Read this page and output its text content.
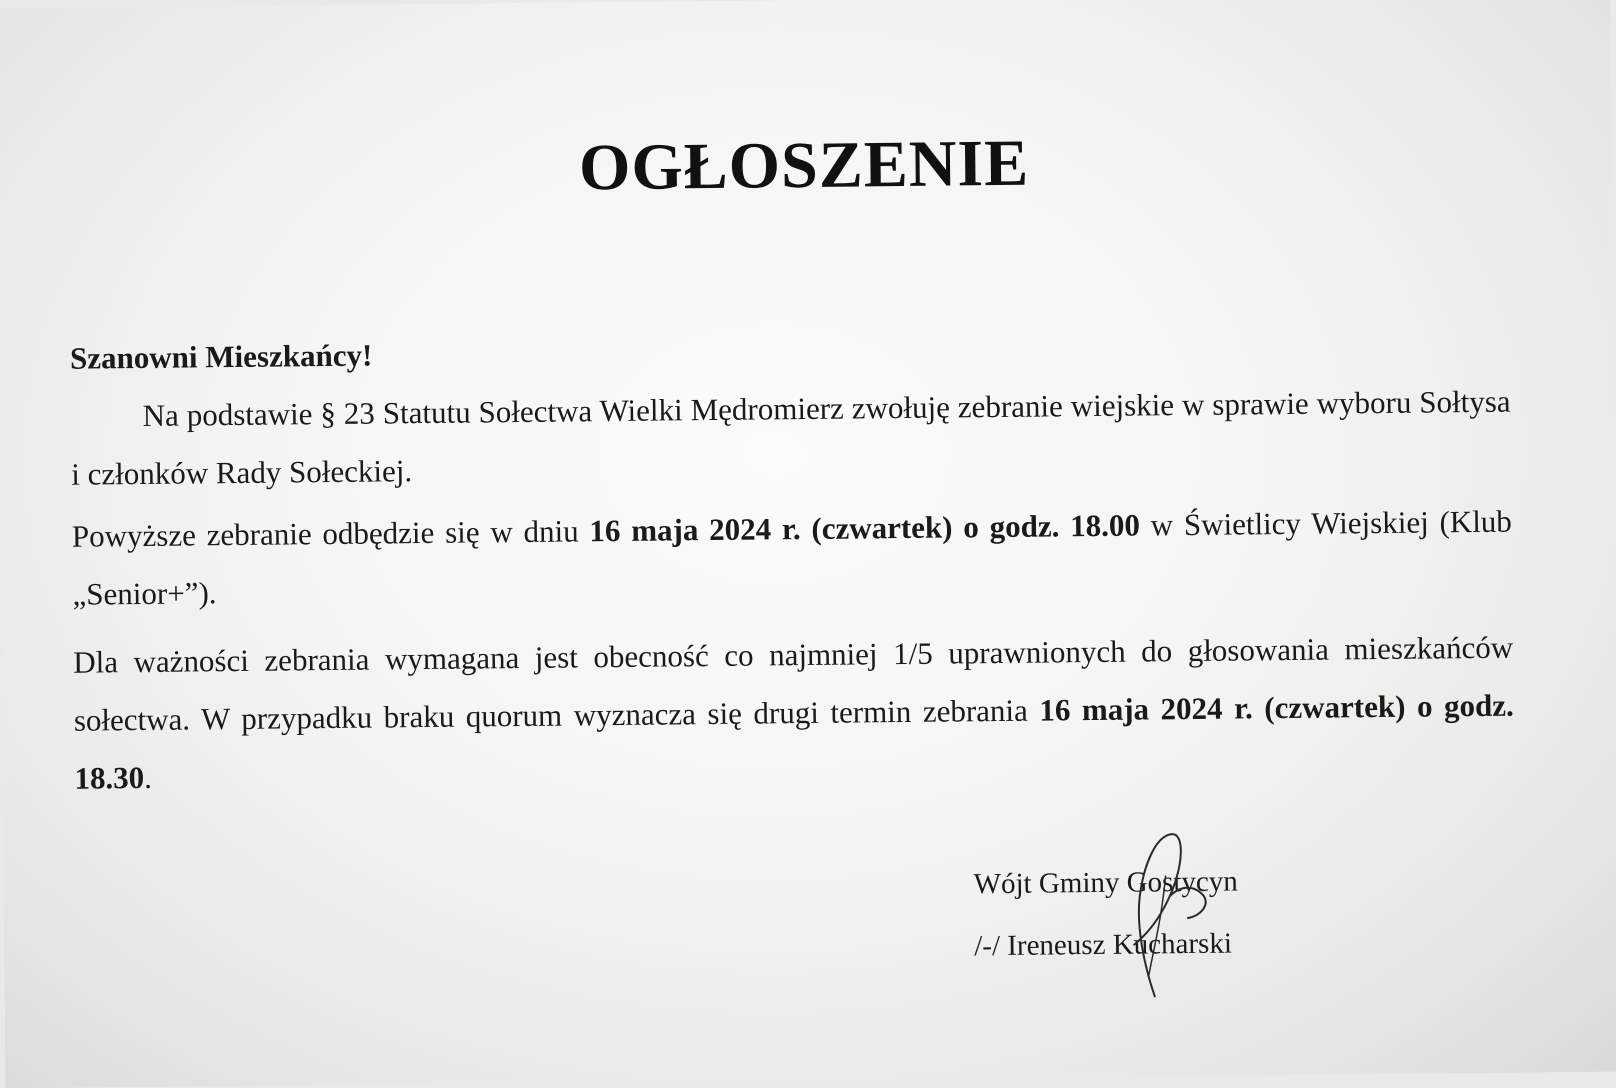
OGŁOSZENIE
Szanowni Mieszkańcy!
Na podstawie § 23 Statutu Sołectwa Wielki Mędromierz zwołuję zebranie wiejskie w sprawie wyboru Sołtysa i członków Rady Sołeckiej.
Powyższe zebranie odbędzie się w dniu 16 maja 2024 r. (czwartek) o godz. 18.00 w Świetlicy Wiejskiej (Klub „Senior+”).
Dla ważności zebrania wymagana jest obecność co najmniej 1/5 uprawnionych do głosowania mieszkańców sołectwa. W przypadku braku quorum wyznacza się drugi termin zebrania 16 maja 2024 r. (czwartek) o godz. 18.30.
Wójt Gminy Gostycyn
/-/ Ireneusz Kucharski
